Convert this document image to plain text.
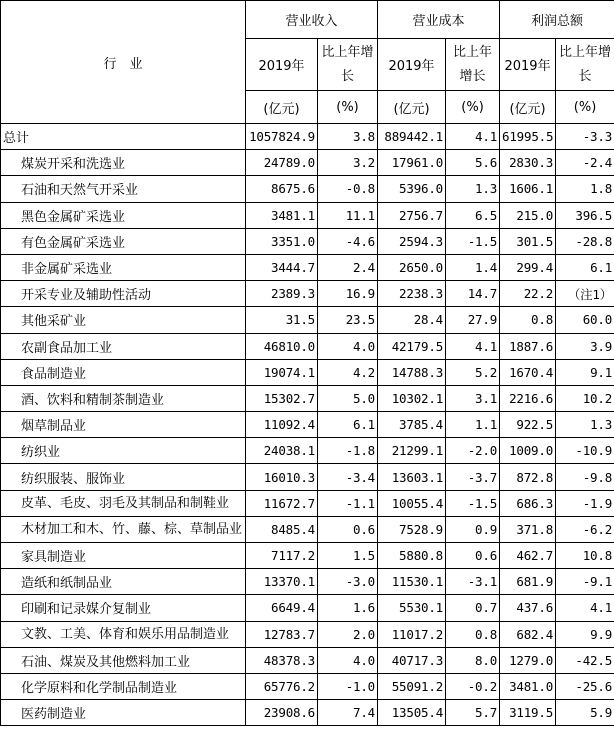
行　业	营业收入		营业成本		利润总额	
	2019年	比上年增长	2019年	比上年增长	2019年	比上年增长
	(亿元)	(%)	(亿元)	(%)	(亿元)	(%)
总计	1057824.9	3.8	889442.1	4.1	61995.5	-3.3
煤炭开采和洗选业	24789.0	3.2	17961.0	5.6	2830.3	-2.4
石油和天然气开采业	8675.6	-0.8	5396.0	1.3	1606.1	1.8
黑色金属矿采选业	3481.1	11.1	2756.7	6.5	215.0	396.5
有色金属矿采选业	3351.0	-4.6	2594.3	-1.5	301.5	-28.8
非金属矿采选业	3444.7	2.4	2650.0	1.4	299.4	6.1
开采专业及辅助性活动	2389.3	16.9	2238.3	14.7	22.2	（注1）
其他采矿业	31.5	23.5	28.4	27.9	0.8	60.0
农副食品加工业	46810.0	4.0	42179.5	4.1	1887.6	3.9
食品制造业	19074.1	4.2	14788.3	5.2	1670.4	9.1
酒、饮料和精制茶制造业	15302.7	5.0	10302.1	3.1	2216.6	10.2
烟草制品业	11092.4	6.1	3785.4	1.1	922.5	1.3
纺织业	24038.1	-1.8	21299.1	-2.0	1009.0	-10.9
纺织服装、服饰业	16010.3	-3.4	13603.1	-3.7	872.8	-9.8
皮革、毛皮、羽毛及其制品和制鞋业	11672.7	-1.1	10055.4	-1.5	686.3	-1.9
木材加工和木、竹、藤、棕、草制品业	8485.4	0.6	7528.9	0.9	371.8	-6.2
家具制造业	7117.2	1.5	5880.8	0.6	462.7	10.8
造纸和纸制品业	13370.1	-3.0	11530.1	-3.1	681.9	-9.1
印刷和记录媒介复制业	6649.4	1.6	5530.1	0.7	437.6	4.1
文教、工美、体育和娱乐用品制造业	12783.7	2.0	11017.2	0.8	682.4	9.9
石油、煤炭及其他燃料加工业	48378.3	4.0	40717.3	8.0	1279.0	-42.5
化学原料和化学制品制造业	65776.2	-1.0	55091.2	-0.2	3481.0	-25.6
医药制造业	23908.6	7.4	13505.4	5.7	3119.5	5.9
